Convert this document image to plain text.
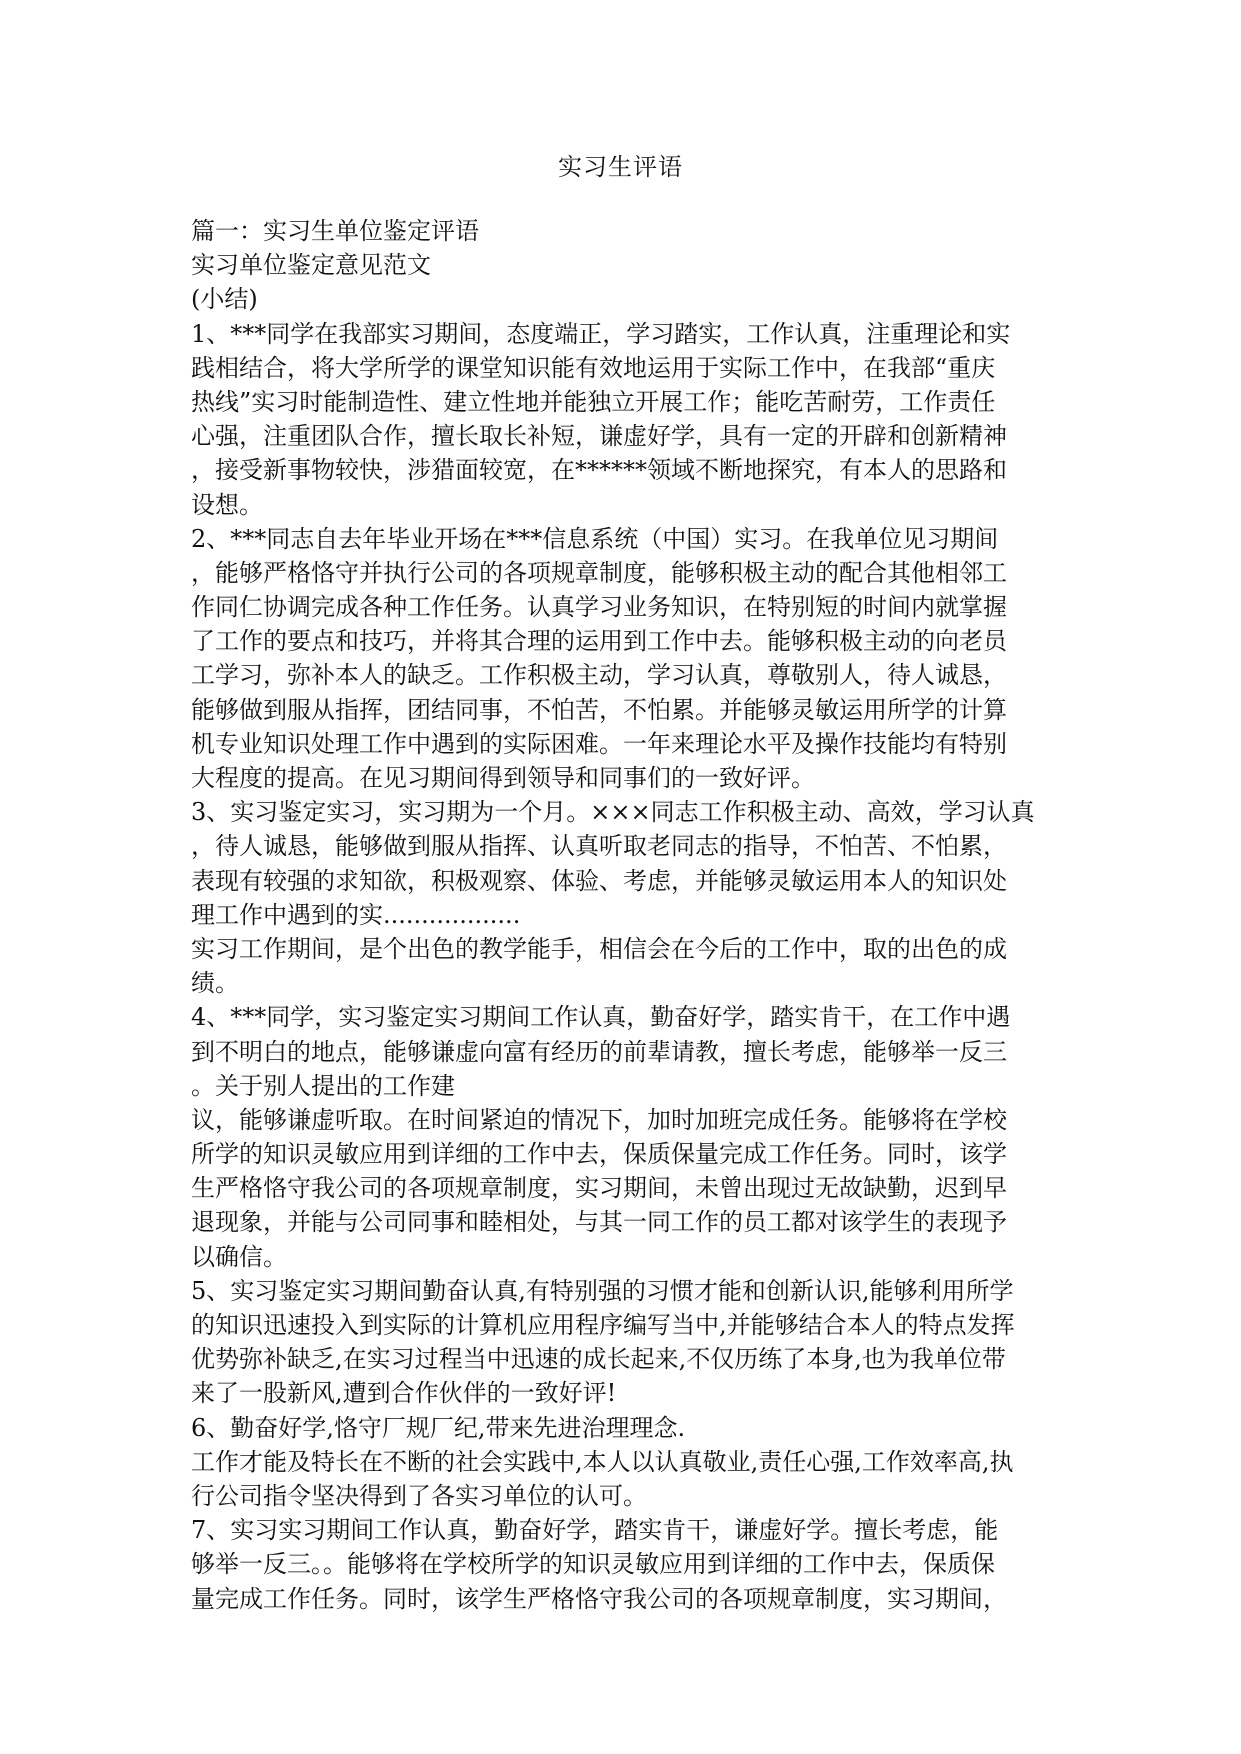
实习生评语
篇一：实习生单位鉴定评语
实习单位鉴定意见范文
(小结)
1、***同学在我部实习期间，态度端正，学习踏实，工作认真，注重理论和实
践相结合，将大学所学的课堂知识能有效地运用于实际工作中，在我部“重庆
热线”实习时能制造性、建立性地并能独立开展工作；能吃苦耐劳，工作责任
心强，注重团队合作，擅长取长补短，谦虚好学，具有一定的开辟和创新精神
，接受新事物较快，涉猎面较宽，在******领域不断地探究，有本人的思路和
设想。
2、***同志自去年毕业开场在***信息系统（中国）实习。在我单位见习期间
，能够严格恪守并执行公司的各项规章制度，能够积极主动的配合其他相邻工
作同仁协调完成各种工作任务。认真学习业务知识，在特别短的时间内就掌握
了工作的要点和技巧，并将其合理的运用到工作中去。能够积极主动的向老员
工学习，弥补本人的缺乏。工作积极主动，学习认真，尊敬别人，待人诚恳，
能够做到服从指挥，团结同事，不怕苦，不怕累。并能够灵敏运用所学的计算
机专业知识处理工作中遇到的实际困难。一年来理论水平及操作技能均有特别
大程度的提高。在见习期间得到领导和同事们的一致好评。
3、实习鉴定实习，实习期为一个月。×××同志工作积极主动、高效，学习认真
，待人诚恳，能够做到服从指挥、认真听取老同志的指导，不怕苦、不怕累，
表现有较强的求知欲，积极观察、体验、考虑，并能够灵敏运用本人的知识处
理工作中遇到的实..................
实习工作期间，是个出色的教学能手，相信会在今后的工作中，取的出色的成
绩。
4、***同学，实习鉴定实习期间工作认真，勤奋好学，踏实肯干，在工作中遇
到不明白的地点，能够谦虚向富有经历的前辈请教，擅长考虑，能够举一反三
。关于别人提出的工作建
议，能够谦虚听取。在时间紧迫的情况下，加时加班完成任务。能够将在学校
所学的知识灵敏应用到详细的工作中去，保质保量完成工作任务。同时，该学
生严格恪守我公司的各项规章制度，实习期间，未曾出现过无故缺勤，迟到早
退现象，并能与公司同事和睦相处，与其一同工作的员工都对该学生的表现予
以确信。
5、实习鉴定实习期间勤奋认真,有特别强的习惯才能和创新认识,能够利用所学
的知识迅速投入到实际的计算机应用程序编写当中,并能够结合本人的特点发挥
优势弥补缺乏,在实习过程当中迅速的成长起来,不仅历练了本身,也为我单位带
来了一股新风,遭到合作伙伴的一致好评!
6、勤奋好学,恪守厂规厂纪,带来先进治理理念.
工作才能及特长在不断的社会实践中,本人以认真敬业,责任心强,工作效率高,执
行公司指令坚决得到了各实习单位的认可。
7、实习实习期间工作认真，勤奋好学，踏实肯干，谦虚好学。擅长考虑，能
够举一反三。。能够将在学校所学的知识灵敏应用到详细的工作中去，保质保
量完成工作任务。同时，该学生严格恪守我公司的各项规章制度，实习期间，
